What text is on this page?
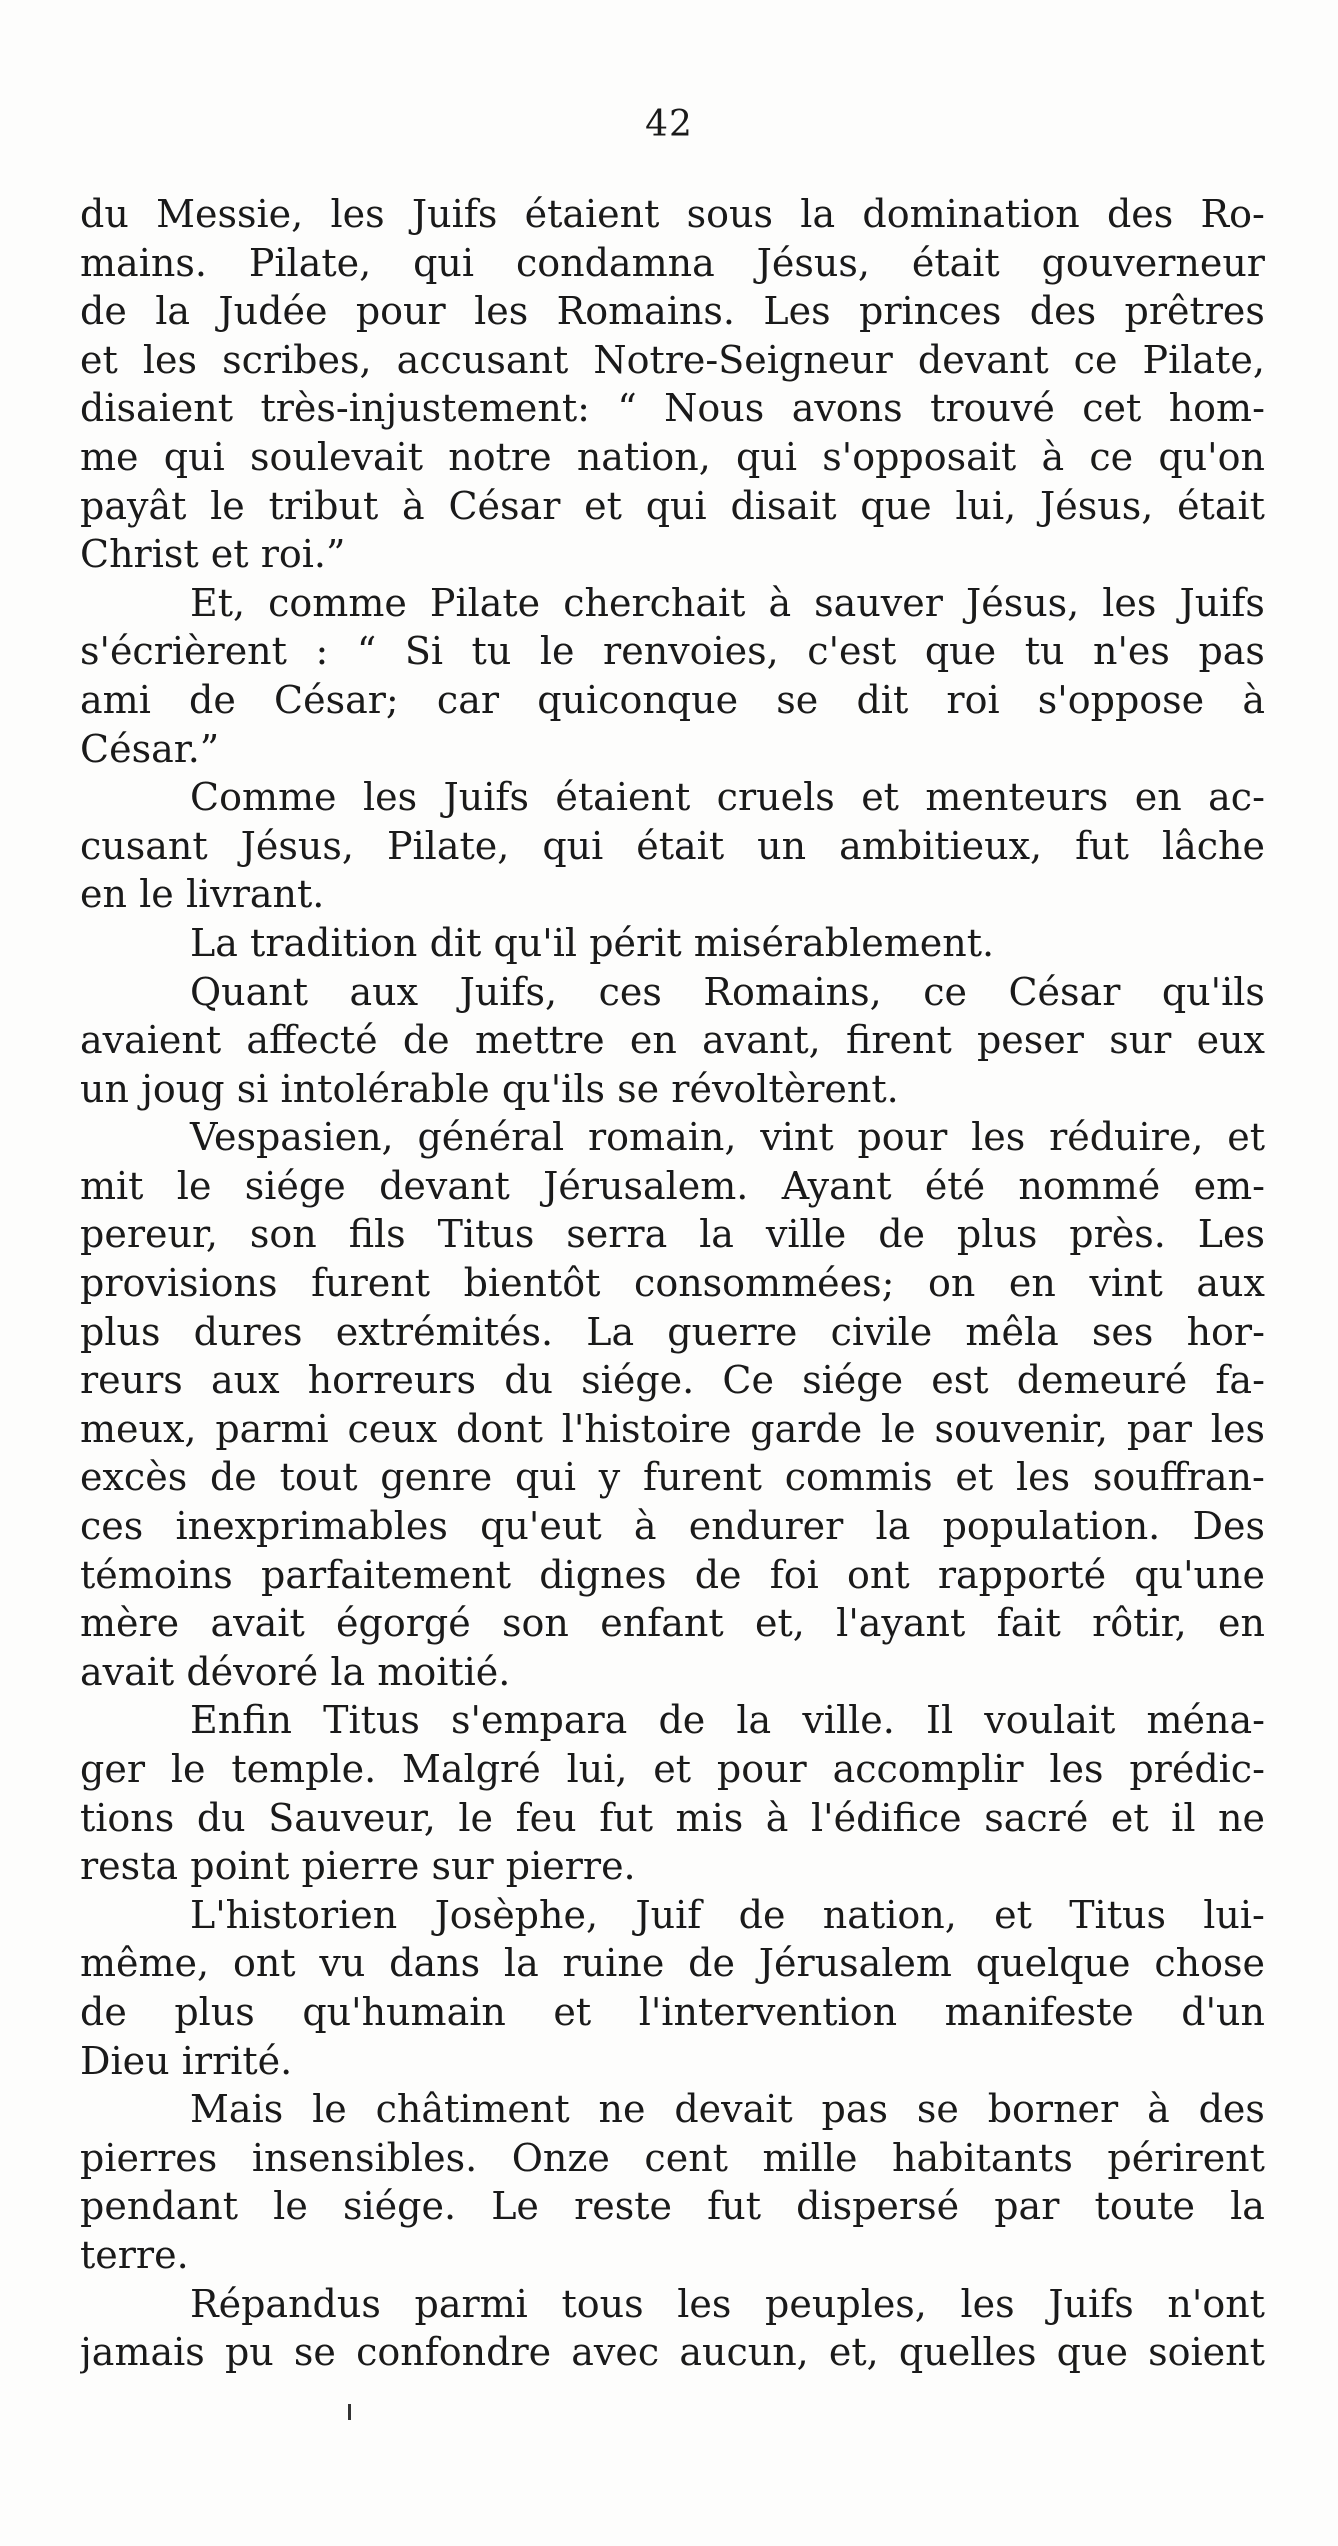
42
du Messie, les Juifs étaient sous la domination des Ro-
mains. Pilate, qui condamna Jésus, était gouverneur
de la Judée pour les Romains. Les princes des prêtres
et les scribes, accusant Notre-Seigneur devant ce Pilate,
disaient très-injustement: “ Nous avons trouvé cet hom-
me qui soulevait notre nation, qui s'opposait à ce qu'on
payât le tribut à César et qui disait que lui, Jésus, était
Christ et roi.”
Et, comme Pilate cherchait à sauver Jésus, les Juifs
s'écrièrent : “ Si tu le renvoies, c'est que tu n'es pas
ami de César; car quiconque se dit roi s'oppose à
César.”
Comme les Juifs étaient cruels et menteurs en ac-
cusant Jésus, Pilate, qui était un ambitieux, fut lâche
en le livrant.
La tradition dit qu'il périt misérablement.
Quant aux Juifs, ces Romains, ce César qu'ils
avaient affecté de mettre en avant, firent peser sur eux
un joug si intolérable qu'ils se révoltèrent.
Vespasien, général romain, vint pour les réduire, et
mit le siége devant Jérusalem. Ayant été nommé em-
pereur, son fils Titus serra la ville de plus près. Les
provisions furent bientôt consommées; on en vint aux
plus dures extrémités. La guerre civile mêla ses hor-
reurs aux horreurs du siége. Ce siége est demeuré fa-
meux, parmi ceux dont l'histoire garde le souvenir, par les
excès de tout genre qui y furent commis et les souffran-
ces inexprimables qu'eut à endurer la population. Des
témoins parfaitement dignes de foi ont rapporté qu'une
mère avait égorgé son enfant et, l'ayant fait rôtir, en
avait dévoré la moitié.
Enfin Titus s'empara de la ville. Il voulait ména-
ger le temple. Malgré lui, et pour accomplir les prédic-
tions du Sauveur, le feu fut mis à l'édifice sacré et il ne
resta point pierre sur pierre.
L'historien Josèphe, Juif de nation, et Titus lui-
même, ont vu dans la ruine de Jérusalem quelque chose
de plus qu'humain et l'intervention manifeste d'un
Dieu irrité.
Mais le châtiment ne devait pas se borner à des
pierres insensibles. Onze cent mille habitants périrent
pendant le siége. Le reste fut dispersé par toute la
terre.
Répandus parmi tous les peuples, les Juifs n'ont
jamais pu se confondre avec aucun, et, quelles que soient
